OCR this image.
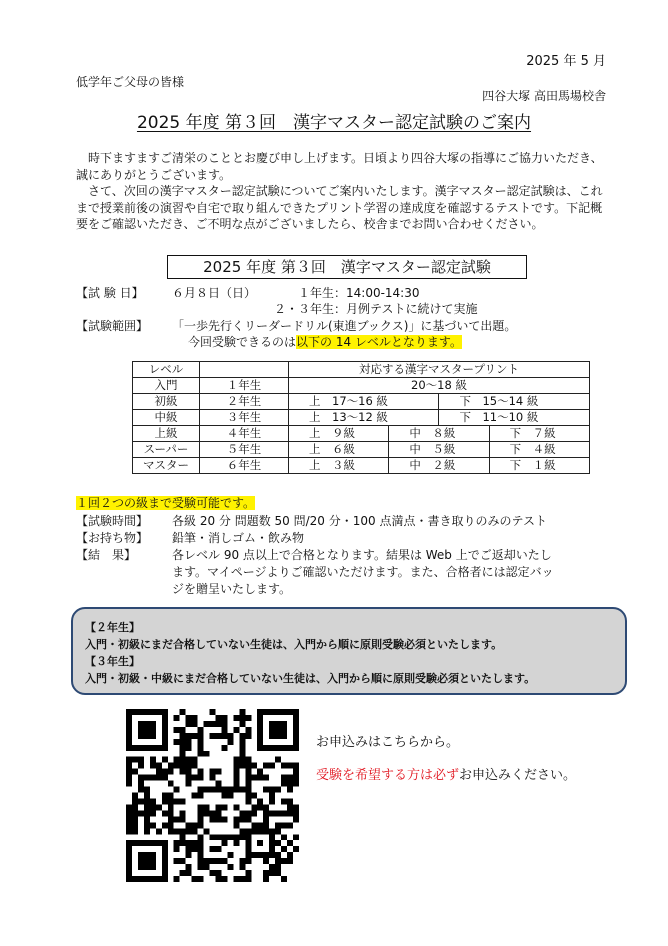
2025 年 5 月
低学年ご父母の皆様
四谷大塚 高田馬場校舎
2025 年度 第３回　漢字マスター認定試験のご案内

時下ますますご清栄のこととお慶び申し上げます。日頃より四谷大塚の指導にご協力いただき、誠にありがとうございます。

さて、次回の漢字マスター認定試験についてご案内いたします。漢字マスター認定試験は、これまで授業前後の演習や自宅で取り組んできたプリント学習の達成度を確認するテストです。下記概要をご確認いただき、ご不明な点がございましたら、校舎までお問い合わせください。

2025 年度 第３回　漢字マスター認定試験
【試 験 日】 ６月８日（日）	１年生：14:00-14:30
２・３年生：月例テストに続けて実施
【試験範囲】 「一歩先行くリーダードリル(東進ブックス)」に基づいて出題。
今回受験できるのは以下の 14 レベルとなります。
レベル		対応する漢字マスタープリント			
入門	１年生	20～18 級			
初級	２年生	上　17～16 級		下　15～14 級	
中級	３年生	上　13～12 級		下　11～10 級	
上級	４年生	上　９級	中　８級		下　７級
スーパー	５年生	上　６級	中　５級		下　４級
マスター	６年生	上　３級	中　２級		下　１級
１回２つの級まで受験可能です。
【試験時間】 各級 20 分 問題数 50 問/20 分・100 点満点・書き取りのみのテスト
【お持ち物】 鉛筆・消しゴム・飲み物
【結　果】	各レベル 90 点以上で合格となります。結果は Web 上でご返却いたし
ます。マイページよりご確認いただけます。また、合格者には認定バッ
ジを贈呈いたします。
【２年生】
入門・初級にまだ合格していない生徒は、入門から順に原則受験必須といたします。
【３年生】
入門・初級・中級にまだ合格していない生徒は、入門から順に原則受験必須といたします。
お申込みはこちらから。
受験を希望する方は必ずお申込みください。
